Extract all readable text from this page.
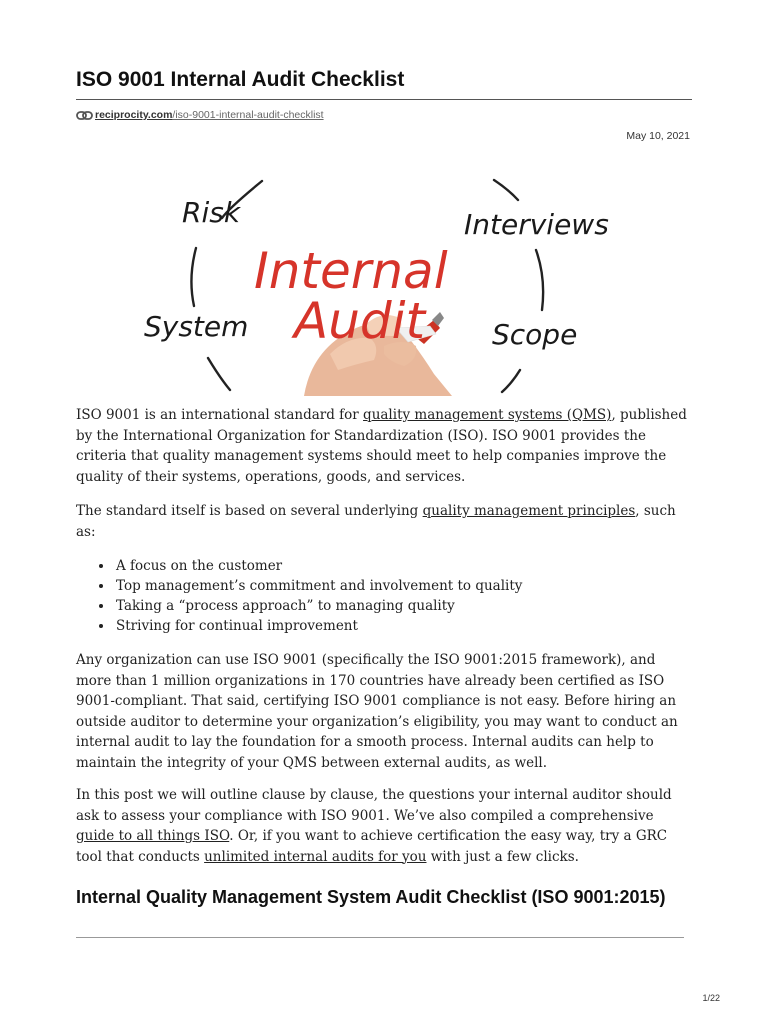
ISO 9001 Internal Audit Checklist
reciprocity.com /iso-9001-internal-audit-checklist
May 10, 2021
Risk	Interviews
System	Scope
Internal
Audit

ISO 9001 is an international standard for quality management systems (QMS), published by the International Organization for Standardization (ISO). ISO 9001 provides the criteria that quality management systems should meet to help companies improve the quality of their systems, operations, goods, and services.

The standard itself is based on several underlying quality management principles, such as:

• A focus on the customer
• Top management’s commitment and involvement to quality
• Taking a “process approach” to managing quality
• Striving for continual improvement

Any organization can use ISO 9001 (specifically the ISO 9001:2015 framework), and more than 1 million organizations in 170 countries have already been certified as ISO 9001-compliant. That said, certifying ISO 9001 compliance is not easy. Before hiring an outside auditor to determine your organization’s eligibility, you may want to conduct an internal audit to lay the foundation for a smooth process. Internal audits can help to maintain the integrity of your QMS between external audits, as well.

In this post we will outline clause by clause, the questions your internal auditor should ask to assess your compliance with ISO 9001. We’ve also compiled a comprehensive guide to all things ISO. Or, if you want to achieve certification the easy way, try a GRC tool that conducts unlimited internal audits for you with just a few clicks.

Internal Quality Management System Audit Checklist (ISO 9001:2015)
1/22
